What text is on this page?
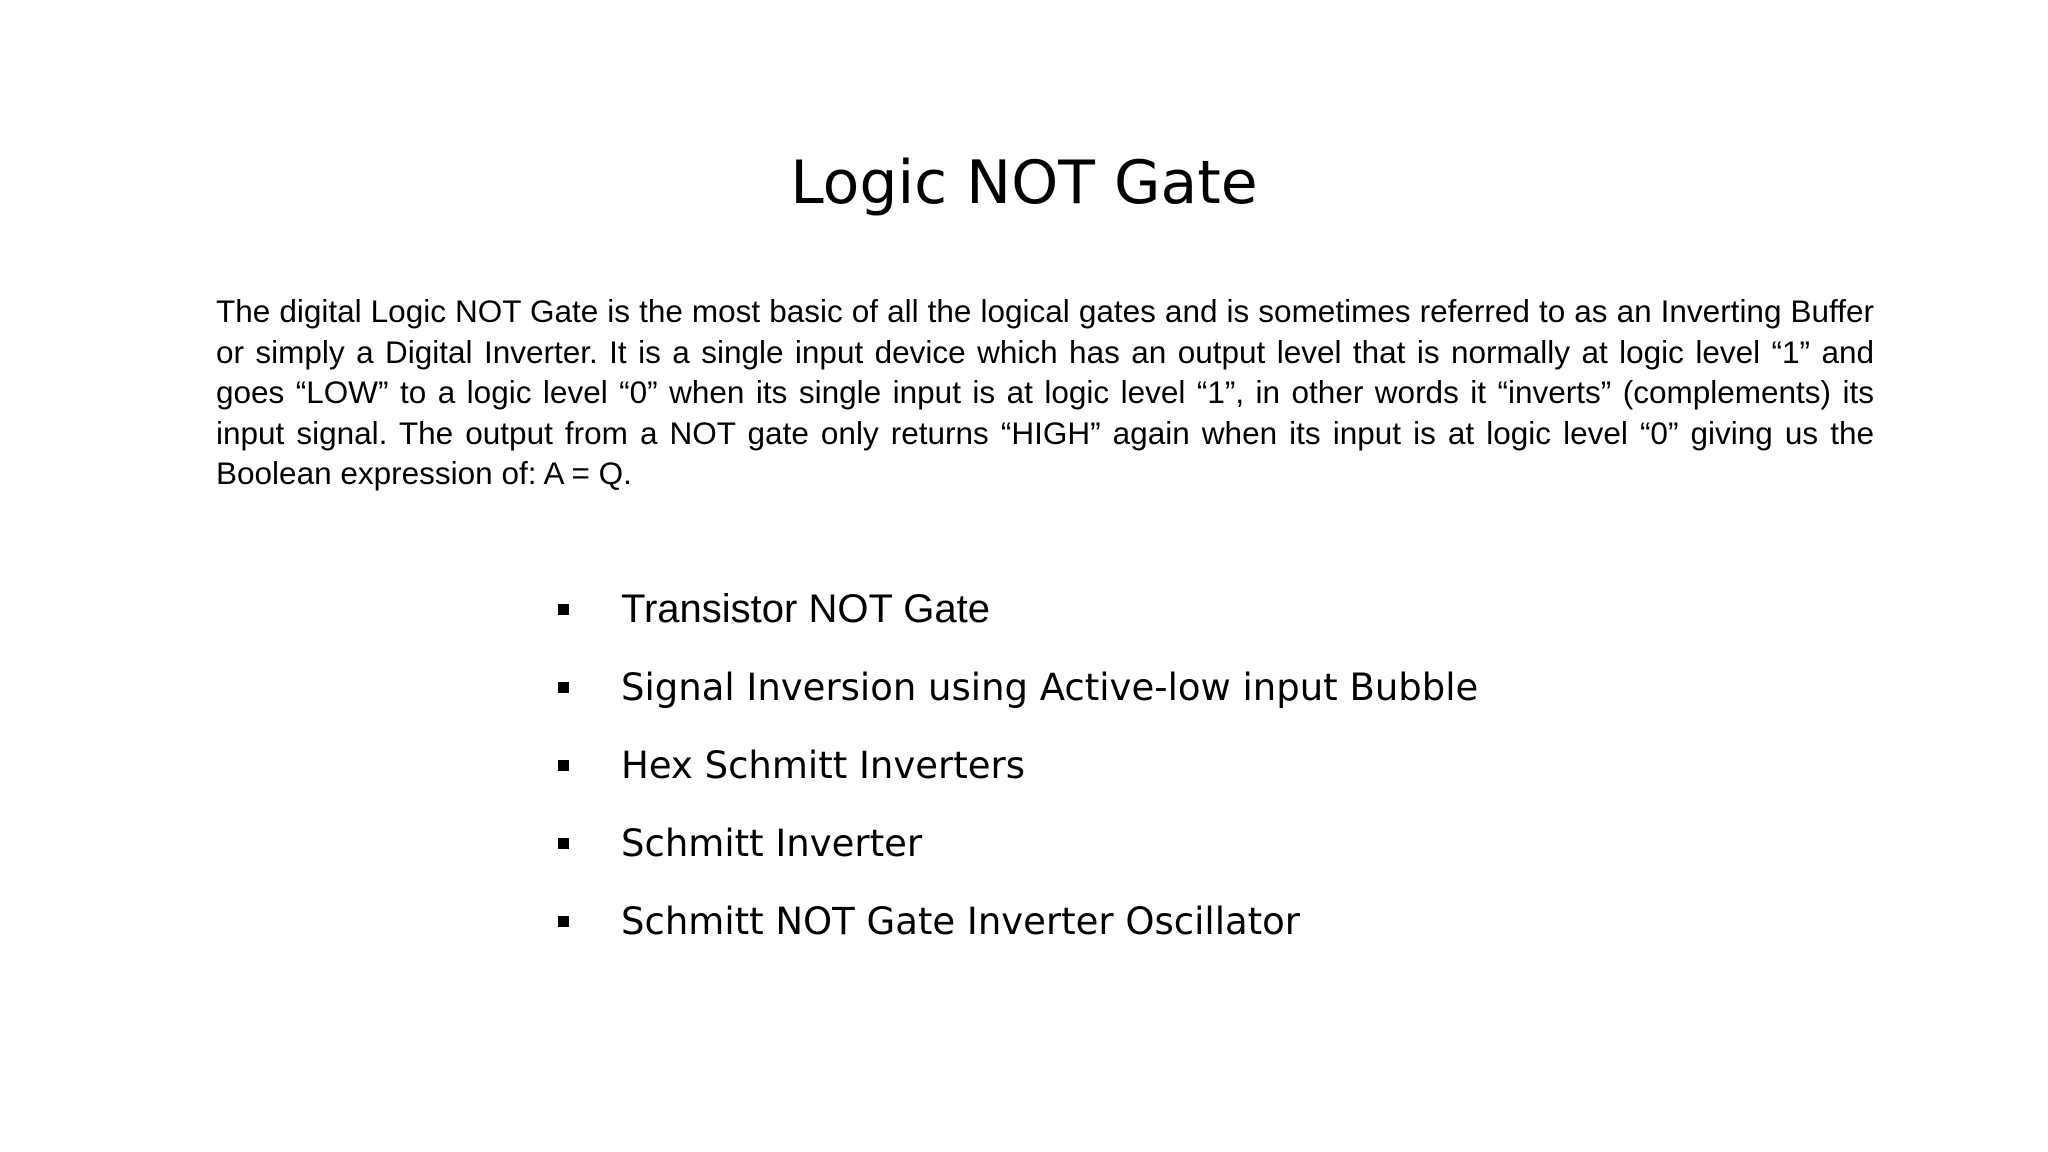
Logic NOT Gate

The digital Logic NOT Gate is the most basic of all the logical gates and is sometimes referred to as an Inverting Buffer or simply a Digital Inverter. It is a single input device which has an output level that is normally at logic level “1” and goes “LOW” to a logic level “0” when its single input is at logic level “1”, in other words it “inverts” (complements) its input signal. The output from a NOT gate only returns “HIGH” again when its input is at logic level “0” giving us the Boolean expression of: A = Q.

Transistor NOT Gate
Signal Inversion using Active-low input Bubble
Hex Schmitt Inverters
Schmitt Inverter
Schmitt NOT Gate Inverter Oscillator
